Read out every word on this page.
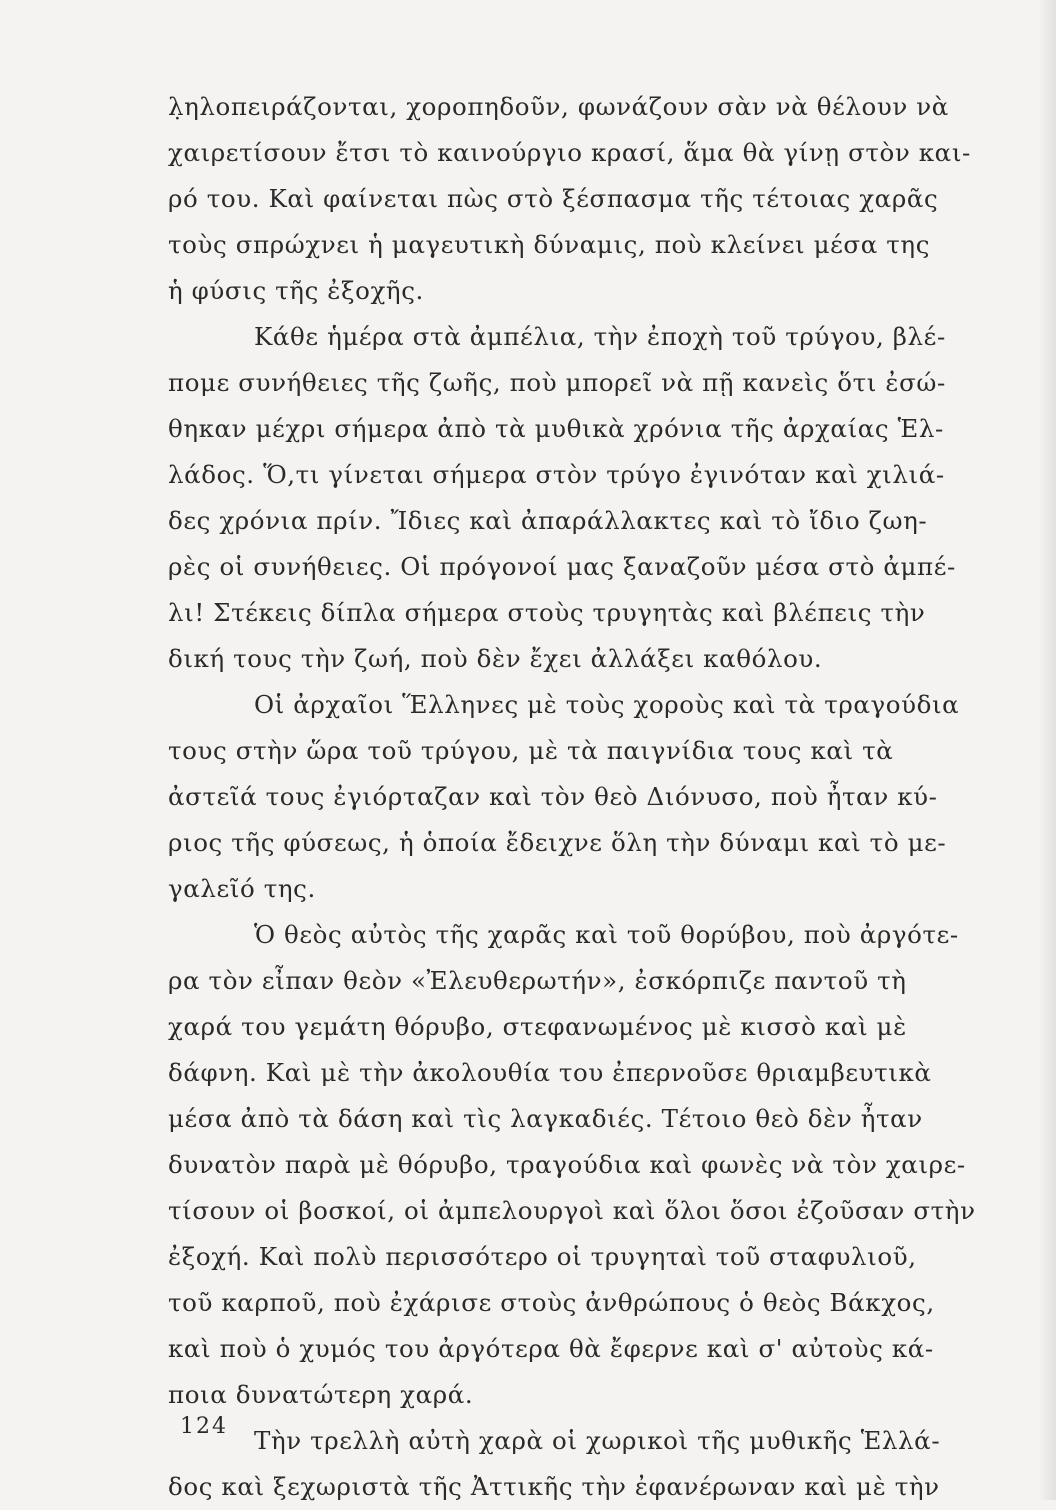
λ̣ηλοπειράζονται, χοροπηδοῦν, φωνάζουν σὰν νὰ θέλουν νὰ
χαιρετίσουν ἔτσι τὸ καινούργιο κρασί, ἅμα θὰ γίνῃ στὸν και-
ρό του. Καὶ φαίνεται πὼς στὸ ξέσπασμα τῆς τέτοιας χαρᾶς
τοὺς σπρώχνει ἡ μαγευτικὴ δύναμις, ποὺ κλείνει μέσα της
ἡ φύσις τῆς ἐξοχῆς.
Κάθε ἡμέρα στὰ ἀμπέλια, τὴν ἐποχὴ τοῦ τρύγου, βλέ-
πομε συνήθειες τῆς ζωῆς, ποὺ μπορεῖ νὰ πῇ κανεὶς ὅτι ἐσώ-
θηκαν μέχρι σήμερα ἀπὸ τὰ μυθικὰ χρόνια τῆς ἀρχαίας Ἑλ-
λάδος. Ὅ,τι γίνεται σήμερα στὸν τρύγο ἐγινόταν καὶ χιλιά-
δες χρόνια πρίν. Ἴδιες καὶ ἀπαράλλακτες καὶ τὸ ἴδιο ζωη-
ρὲς οἱ συνήθειες. Οἱ πρόγονοί μας ξαναζοῦν μέσα στὸ ἀμπέ-
λι! Στέκεις δίπλα σήμερα στοὺς τρυγητὰς καὶ βλέπεις τὴν
δική τους τὴν ζωή, ποὺ δὲν ἔχει ἀλλάξει καθόλου.
Οἱ ἀρχαῖοι Ἕλληνες μὲ τοὺς χοροὺς καὶ τὰ τραγούδια
τους στὴν ὥρα τοῦ τρύγου, μὲ τὰ παιγνίδια τους καὶ τὰ
ἀστεῖά τους ἐγιόρταζαν καὶ τὸν θεὸ Διόνυσο, ποὺ ἦταν κύ-
ριος τῆς φύσεως, ἡ ὁποία ἔδειχνε ὅλη τὴν δύναμι καὶ τὸ με-
γαλεῖό της.
Ὁ θεὸς αὐτὸς τῆς χαρᾶς καὶ τοῦ θορύβου, ποὺ ἀργότε-
ρα τὸν εἶπαν θεὸν «Ἐλευθερωτήν», ἐσκόρπιζε παντοῦ τὴ
χαρά του γεμάτη θόρυβο, στεφανωμένος μὲ κισσὸ καὶ μὲ
δάφνη. Καὶ μὲ τὴν ἀκολουθία του ἐπερνοῦσε θριαμβευτικὰ
μέσα ἀπὸ τὰ δάση καὶ τὶς λαγκαδιές. Τέτοιο θεὸ δὲν ἦταν
δυνατὸν παρὰ μὲ θόρυβο, τραγούδια καὶ φωνὲς νὰ τὸν χαιρε-
τίσουν οἱ βοσκοί, οἱ ἀμπελουργοὶ καὶ ὅλοι ὅσοι ἐζοῦσαν στὴν
ἐξοχή. Καὶ πολὺ περισσότερο οἱ τρυγηταὶ τοῦ σταφυλιοῦ,
τοῦ καρποῦ, ποὺ ἐχάρισε στοὺς ἀνθρώπους ὁ θεὸς Βάκχος,
καὶ ποὺ ὁ χυμός του ἀργότερα θὰ ἔφερνε καὶ σ' αὐτοὺς κά-
ποια δυνατώτερη χαρά.
Τὴν τρελλὴ αὐτὴ χαρὰ οἱ χωρικοὶ τῆς μυθικῆς Ἑλλά-
δος καὶ ξεχωριστὰ τῆς Ἀττικῆς τὴν ἐφανέρωναν καὶ μὲ τὴν
124
